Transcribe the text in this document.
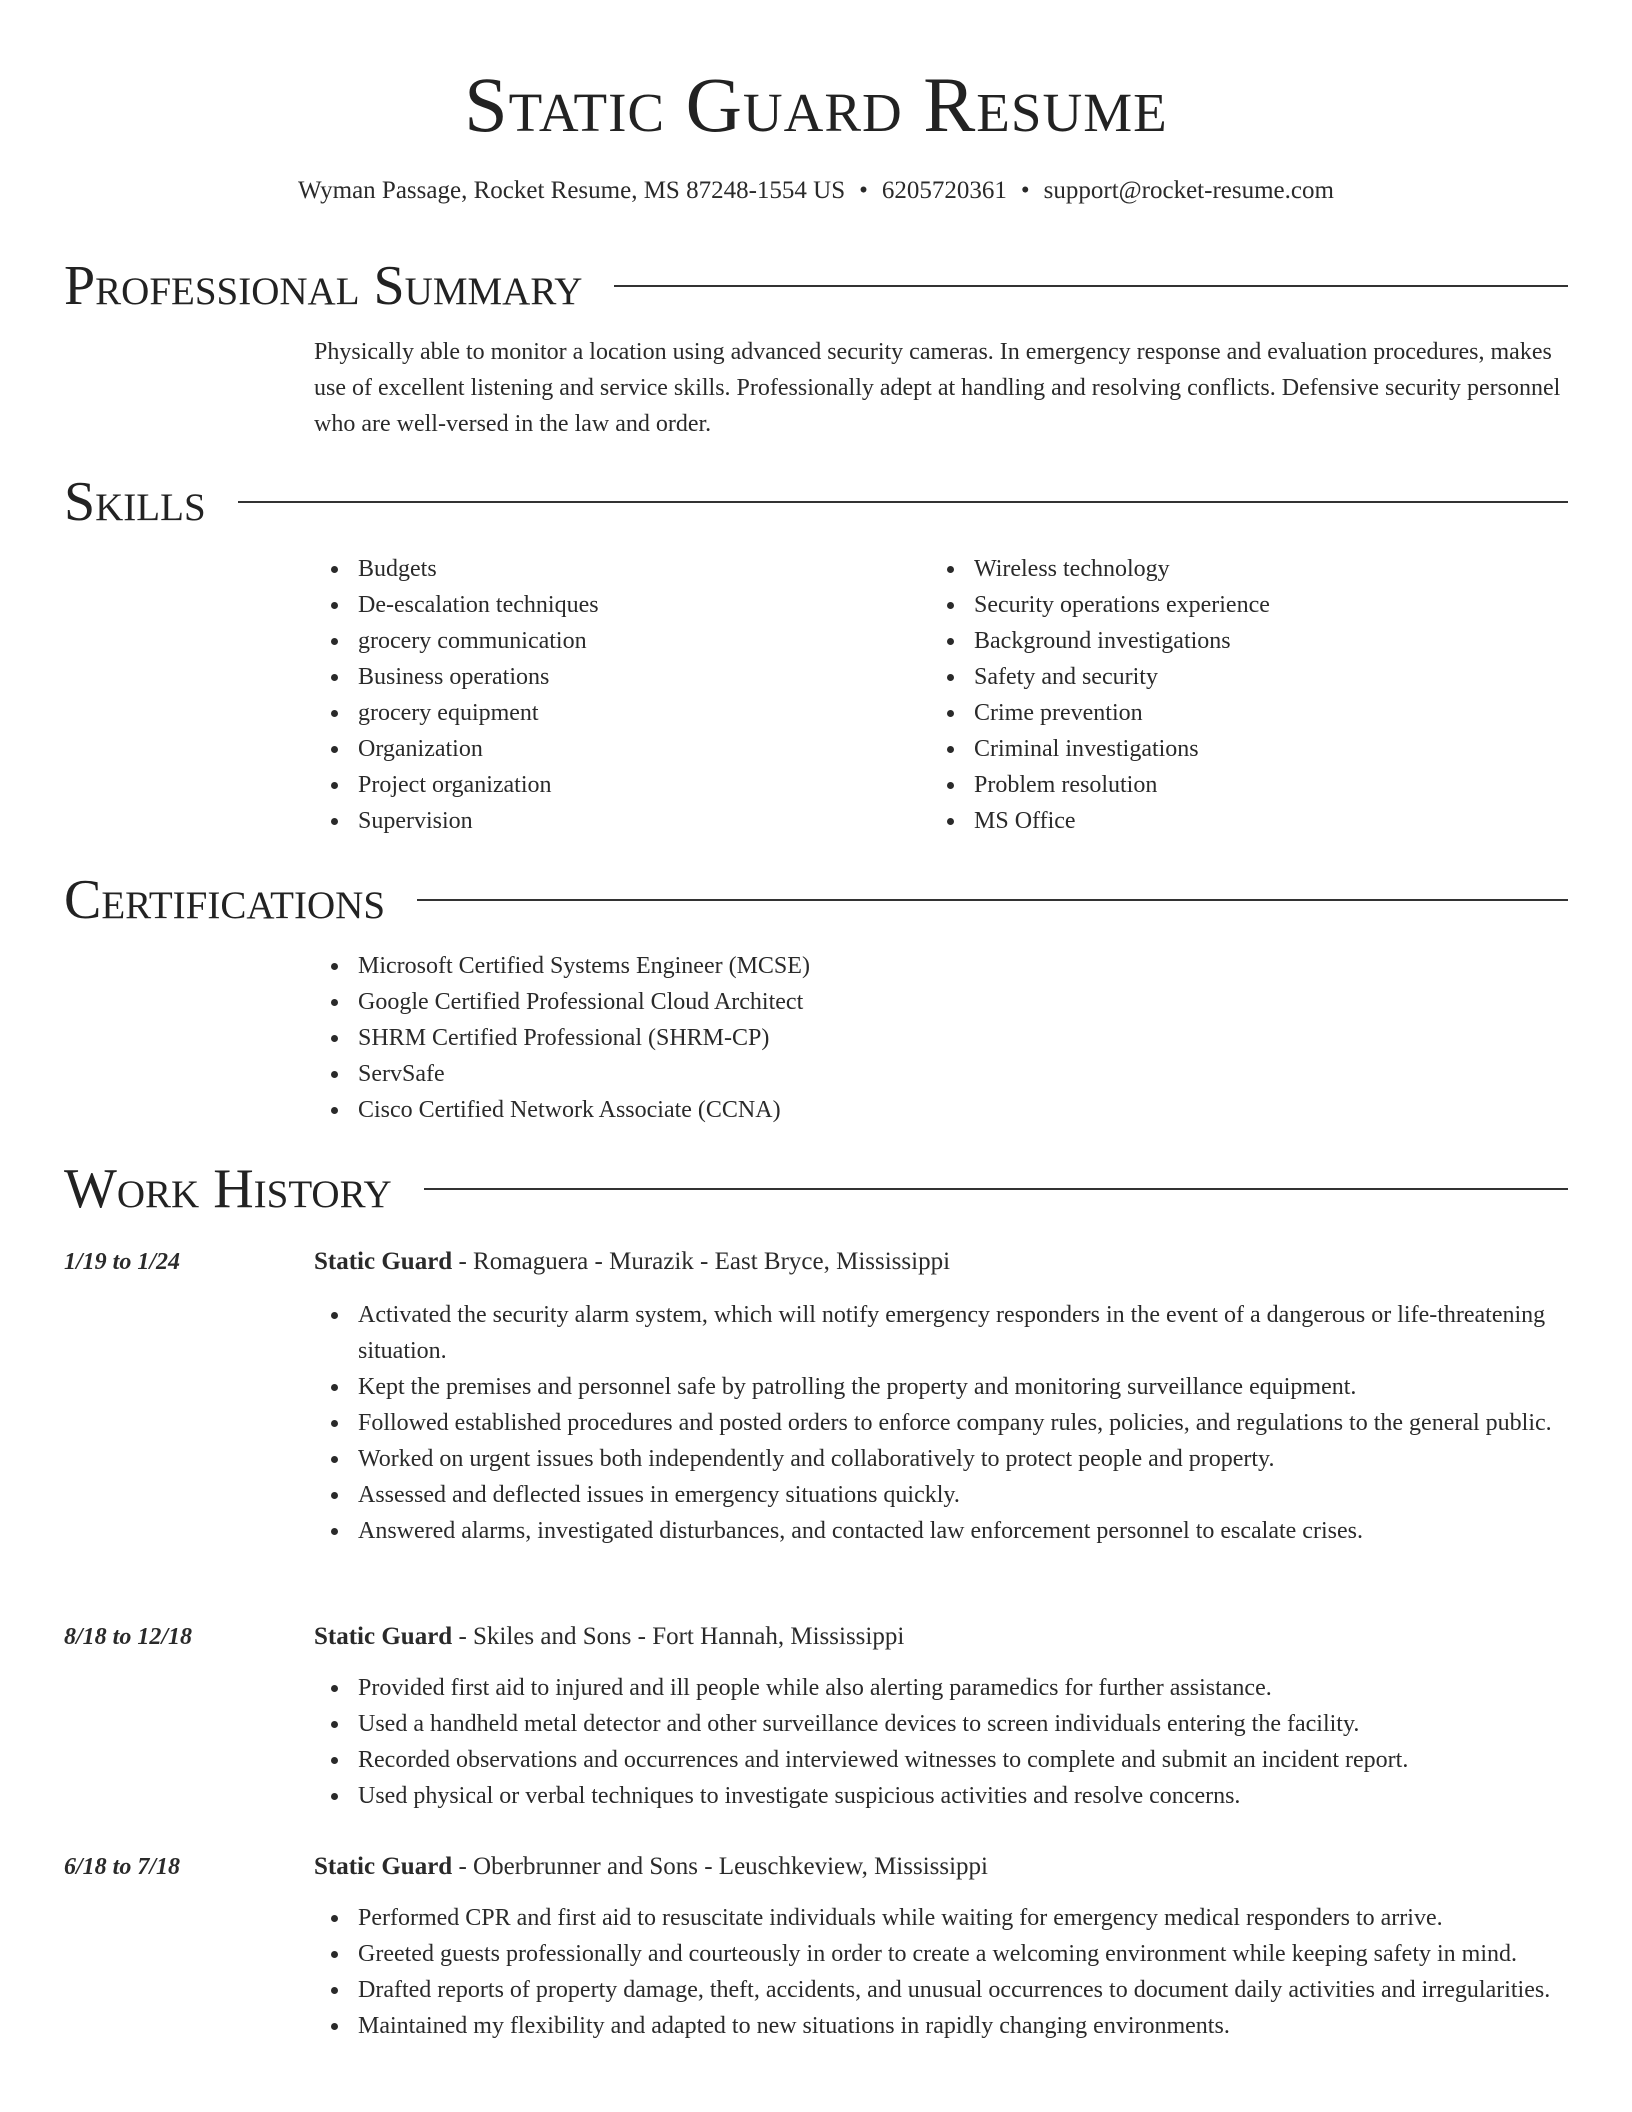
Static Guard Resume
Wyman Passage, Rocket Resume, MS 87248-1554 US • 6205720361 • support@rocket-resume.com
Professional Summary

Physically able to monitor a location using advanced security cameras. In emergency response and evaluation procedures, makes use of excellent listening and service skills. Professionally adept at handling and resolving conflicts. Defensive security personnel who are well-versed in the law and order.

Skills
Budgets
De-escalation techniques
grocery communication
Business operations
grocery equipment
Organization
Project organization
Supervision
Wireless technology
Security operations experience
Background investigations
Safety and security
Crime prevention
Criminal investigations
Problem resolution
MS Office
Certifications
Microsoft Certified Systems Engineer (MCSE)
Google Certified Professional Cloud Architect
SHRM Certified Professional (SHRM-CP)
ServSafe
Cisco Certified Network Associate (CCNA)
Work History
1/19 to 1/24	Static Guard - Romaguera - Murazik - East Bryce, Mississippi
Activated the security alarm system, which will notify emergency responders in the event of a dangerous or life-threatening situation.
Kept the premises and personnel safe by patrolling the property and monitoring surveillance equipment.
Followed established procedures and posted orders to enforce company rules, policies, and regulations to the general public.
Worked on urgent issues both independently and collaboratively to protect people and property.
Assessed and deflected issues in emergency situations quickly.
Answered alarms, investigated disturbances, and contacted law enforcement personnel to escalate crises.
8/18 to 12/18	Static Guard - Skiles and Sons - Fort Hannah, Mississippi
Provided first aid to injured and ill people while also alerting paramedics for further assistance.
Used a handheld metal detector and other surveillance devices to screen individuals entering the facility.
Recorded observations and occurrences and interviewed witnesses to complete and submit an incident report.
Used physical or verbal techniques to investigate suspicious activities and resolve concerns.
6/18 to 7/18	Static Guard - Oberbrunner and Sons - Leuschkeview, Mississippi
Performed CPR and first aid to resuscitate individuals while waiting for emergency medical responders to arrive.
Greeted guests professionally and courteously in order to create a welcoming environment while keeping safety in mind.
Drafted reports of property damage, theft, accidents, and unusual occurrences to document daily activities and irregularities.
Maintained my flexibility and adapted to new situations in rapidly changing environments.
